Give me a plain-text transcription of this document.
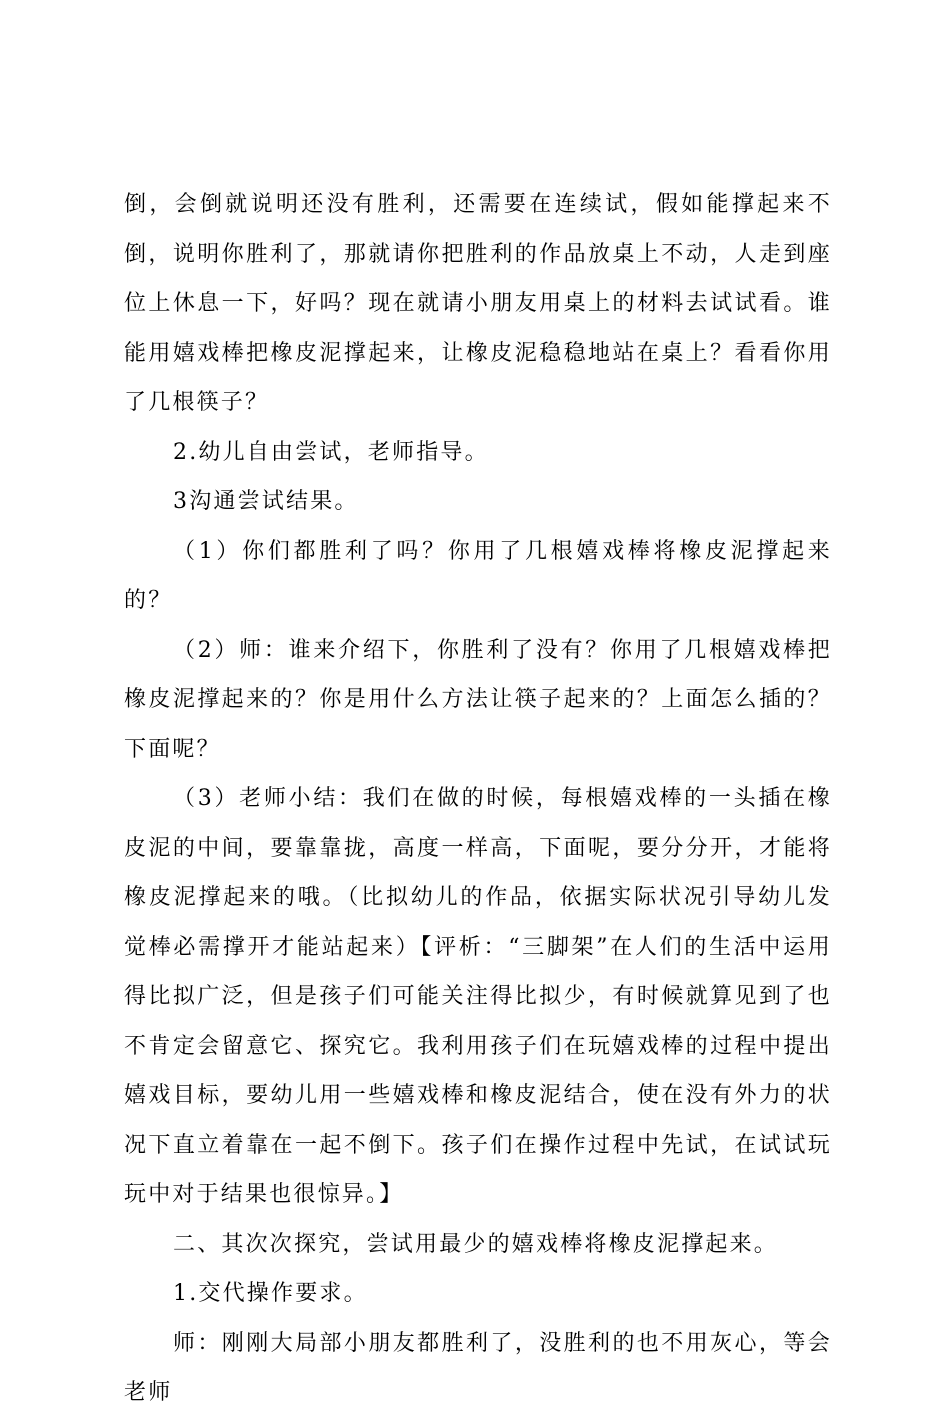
倒，会倒就说明还没有胜利，还需要在连续试，假如能撑起来不倒，说明你胜利了，那就请你把胜利的作品放桌上不动，人走到座位上休息一下，好吗？现在就请小朋友用桌上的材料去试试看。谁能用嬉戏棒把橡皮泥撑起来，让橡皮泥稳稳地站在桌上？看看你用了几根筷子？

2.幼儿自由尝试，老师指导。

3沟通尝试结果。

（1）你们都胜利了吗？你用了几根嬉戏棒将橡皮泥撑起来的？

（2）师：谁来介绍下，你胜利了没有？你用了几根嬉戏棒把橡皮泥撑起来的？你是用什么方法让筷子起来的？上面怎么插的？下面呢？

（3）老师小结：我们在做的时候，每根嬉戏棒的一头插在橡皮泥的中间，要靠靠拢，高度一样高，下面呢，要分分开，才能将橡皮泥撑起来的哦。（比拟幼儿的作品，依据实际状况引导幼儿发觉棒必需撑开才能站起来）【评析：“三脚架”在人们的生活中运用得比拟广泛，但是孩子们可能关注得比拟少，有时候就算见到了也不肯定会留意它、探究它。我利用孩子们在玩嬉戏棒的过程中提出嬉戏目标，要幼儿用一些嬉戏棒和橡皮泥结合，使在没有外力的状况下直立着靠在一起不倒下。孩子们在操作过程中先试，在试试玩玩中对于结果也很惊异。】

二、其次次探究，尝试用最少的嬉戏棒将橡皮泥撑起来。

1.交代操作要求。

师：刚刚大局部小朋友都胜利了，没胜利的也不用灰心，等会老师
